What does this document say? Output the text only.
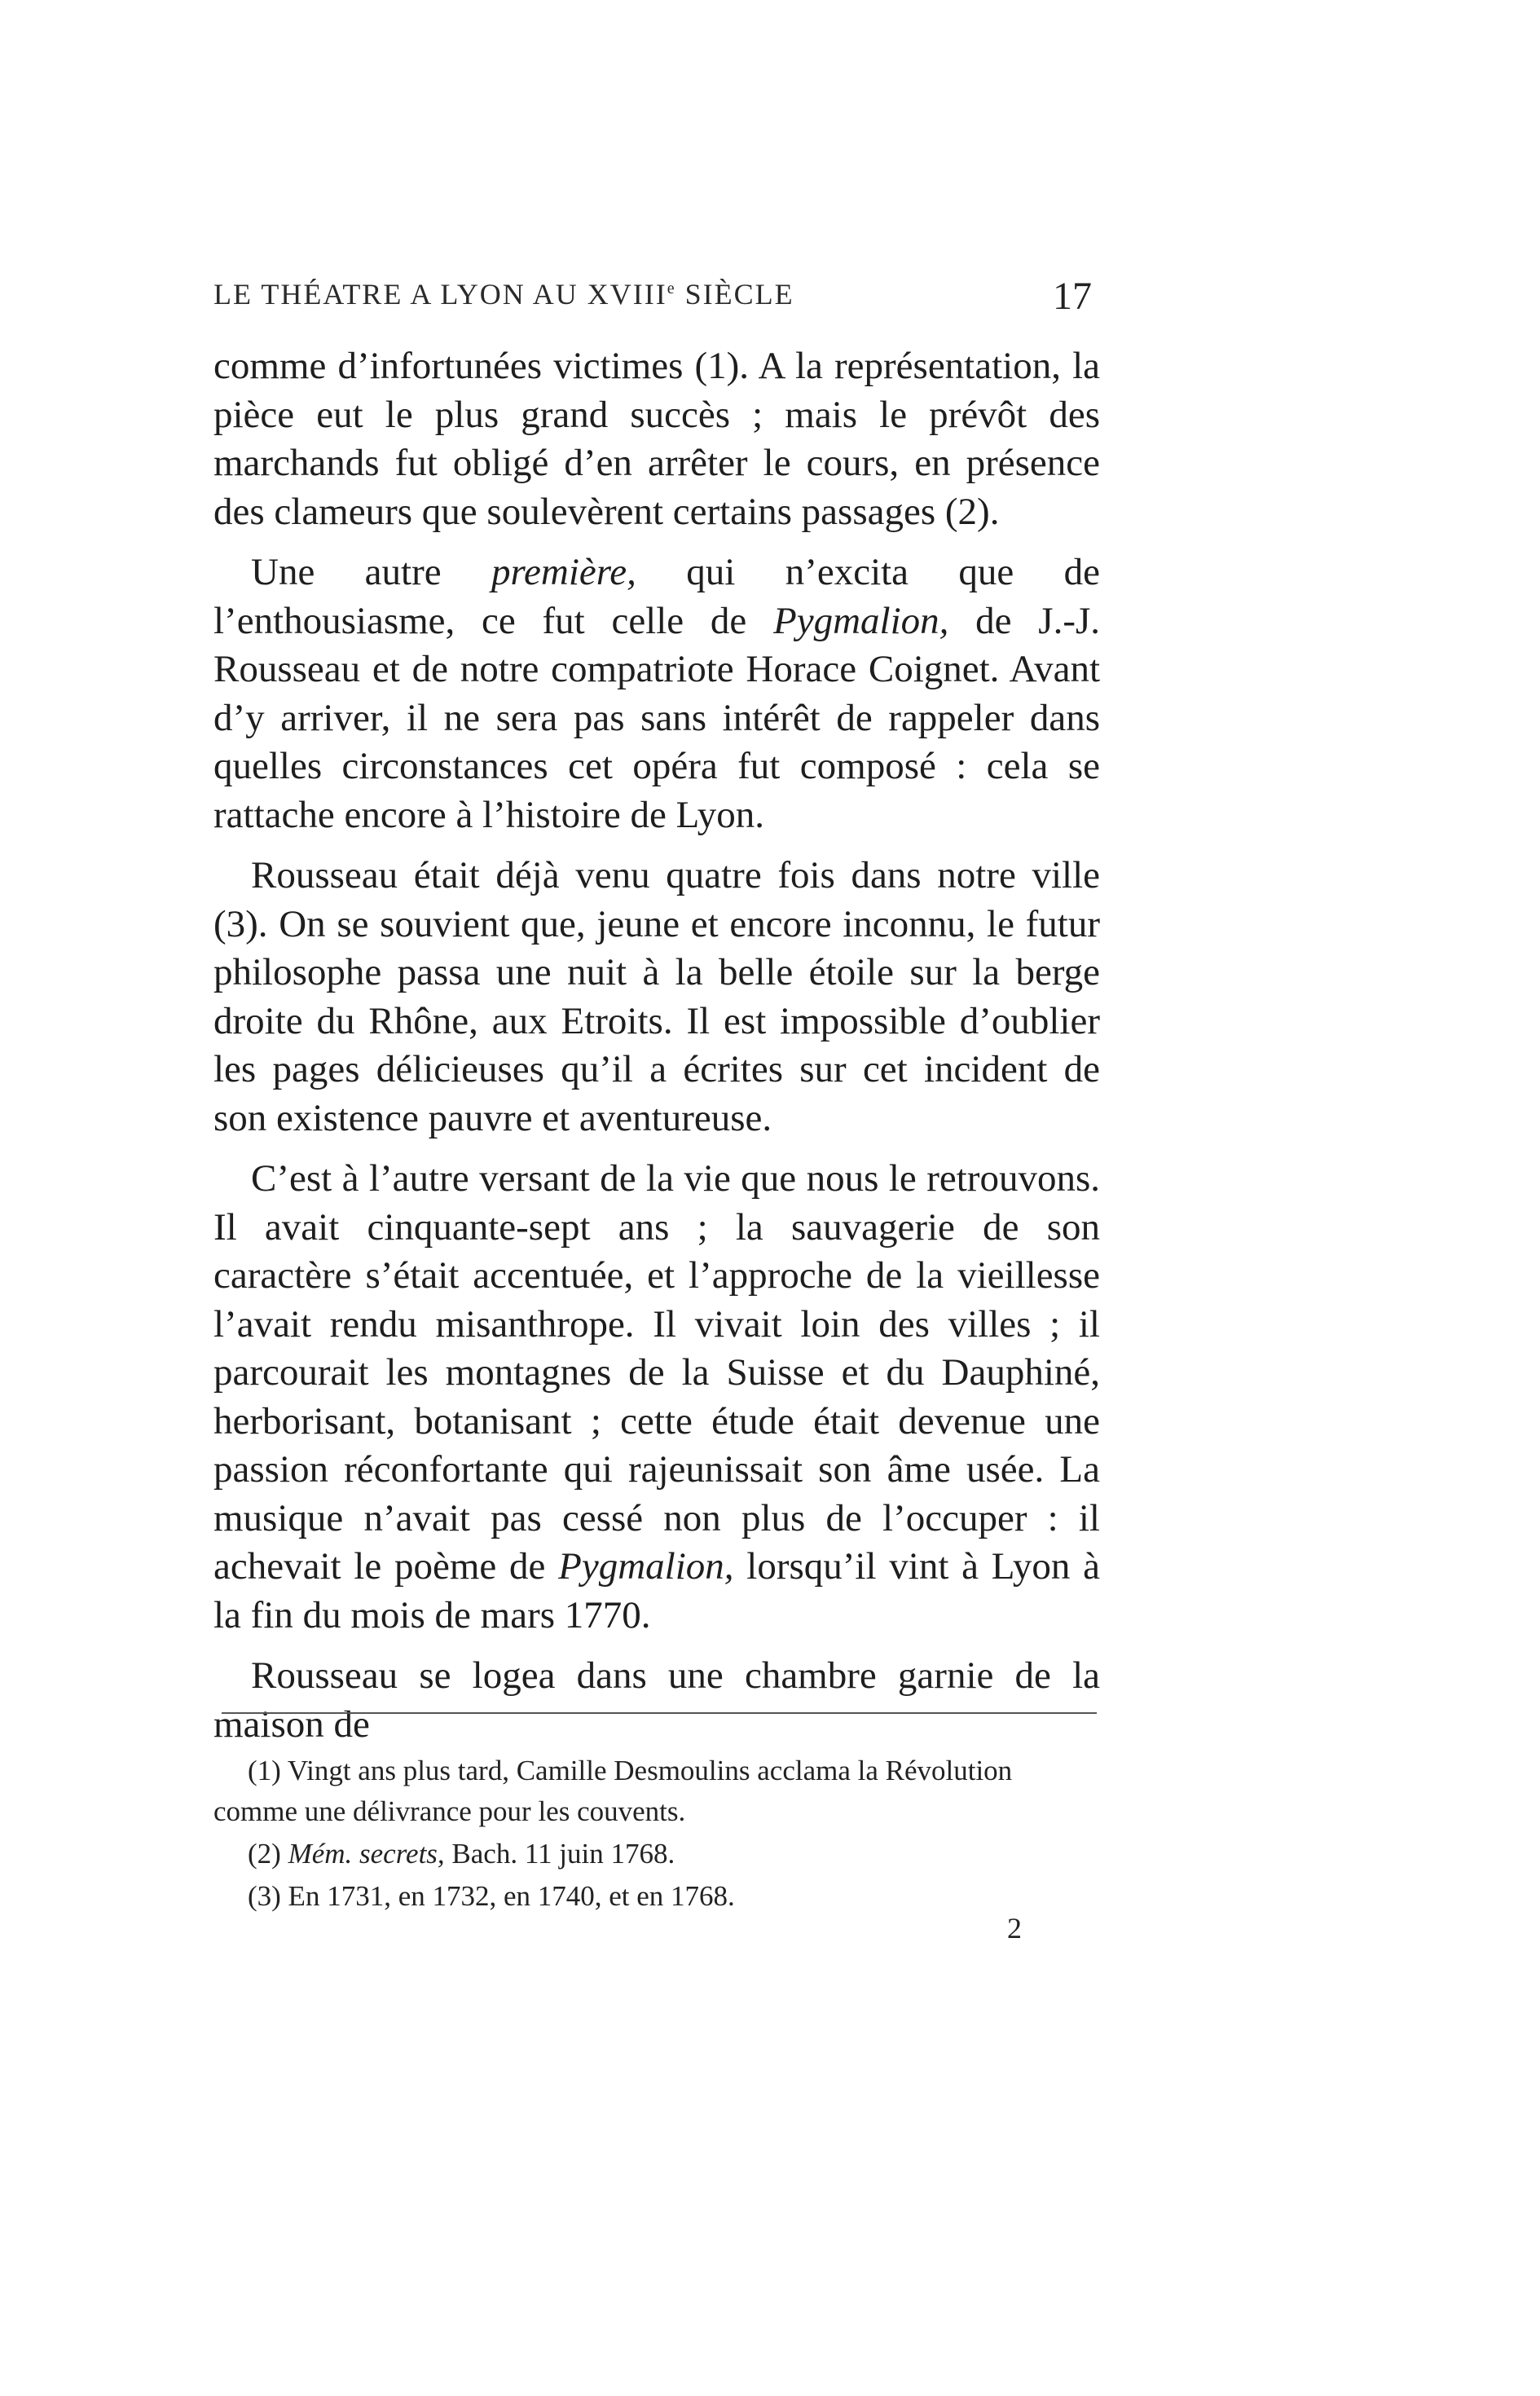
LE THÉATRE A LYON AU XVIIIe SIÈCLE	17

comme d’infortunées victimes (1). A la représentation, la pièce eut le plus grand succès ; mais le prévôt des marchands fut obligé d’en arrêter le cours, en présence des clameurs que soulevèrent certains passages (2).

Une autre première, qui n’excita que de l’enthousiasme, ce fut celle de Pygmalion, de J.-J. Rousseau et de notre compatriote Horace Coignet. Avant d’y arriver, il ne sera pas sans intérêt de rappeler dans quelles circonstances cet opéra fut composé : cela se rattache encore à l’histoire de Lyon.

Rousseau était déjà venu quatre fois dans notre ville (3). On se souvient que, jeune et encore inconnu, le futur philosophe passa une nuit à la belle étoile sur la berge droite du Rhône, aux Etroits. Il est impossible d’oublier les pages délicieuses qu’il a écrites sur cet incident de son existence pauvre et aventureuse.

C’est à l’autre versant de la vie que nous le retrouvons. Il avait cinquante-sept ans ; la sauvagerie de son caractère s’était accentuée, et l’approche de la vieillesse l’avait rendu misanthrope. Il vivait loin des villes ; il parcourait les montagnes de la Suisse et du Dauphiné, herborisant, botanisant ; cette étude était devenue une passion réconfortante qui rajeunissait son âme usée. La musique n’avait pas cessé non plus de l’occuper : il achevait le poème de Pygmalion, lorsqu’il vint à Lyon à la fin du mois de mars 1770.

Rousseau se logea dans une chambre garnie de la maison de

(1) Vingt ans plus tard, Camille Desmoulins acclama la Révolution comme une délivrance pour les couvents.

(2) Mém. secrets, Bach. 11 juin 1768.

(3) En 1731, en 1732, en 1740, et en 1768.

2
